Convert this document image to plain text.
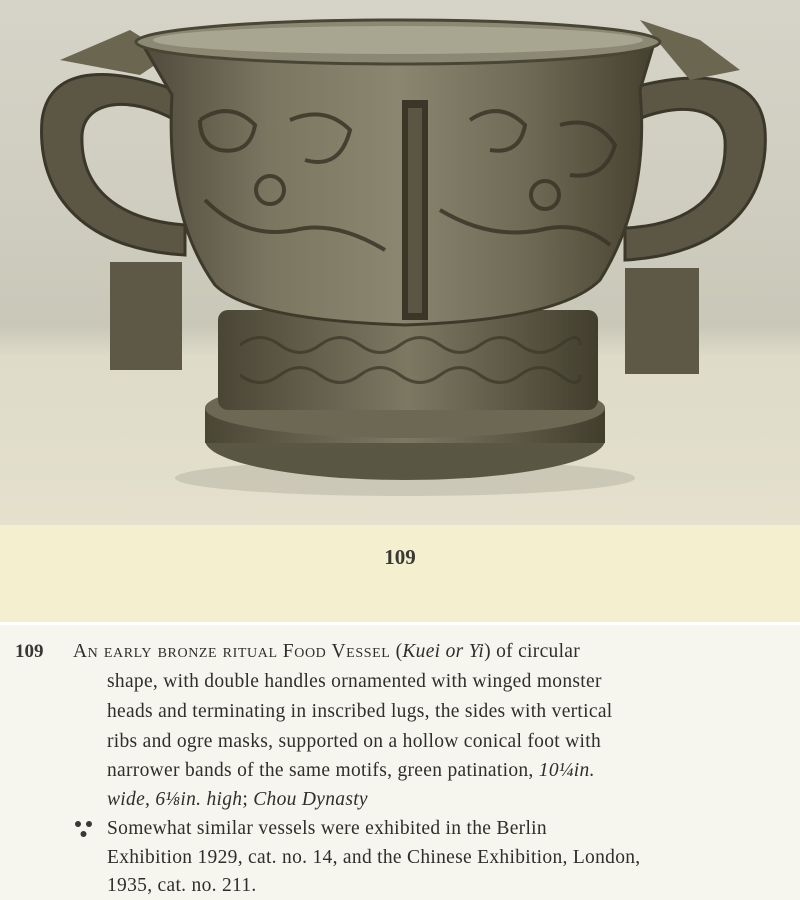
109
109 An early bronze ritual Food Vessel (Kuei or Yi) of circular
shape, with double handles ornamented with winged monster
heads and terminating in inscribed lugs, the sides with vertical
ribs and ogre masks, supported on a hollow conical foot with
narrower bands of the same motifs, green patination, 10¼in.
wide, 6⅛in. high; Chou Dynasty
Somewhat similar vessels were exhibited in the Berlin
Exhibition 1929, cat. no. 14, and the Chinese Exhibition, London,
1935, cat. no. 211.
